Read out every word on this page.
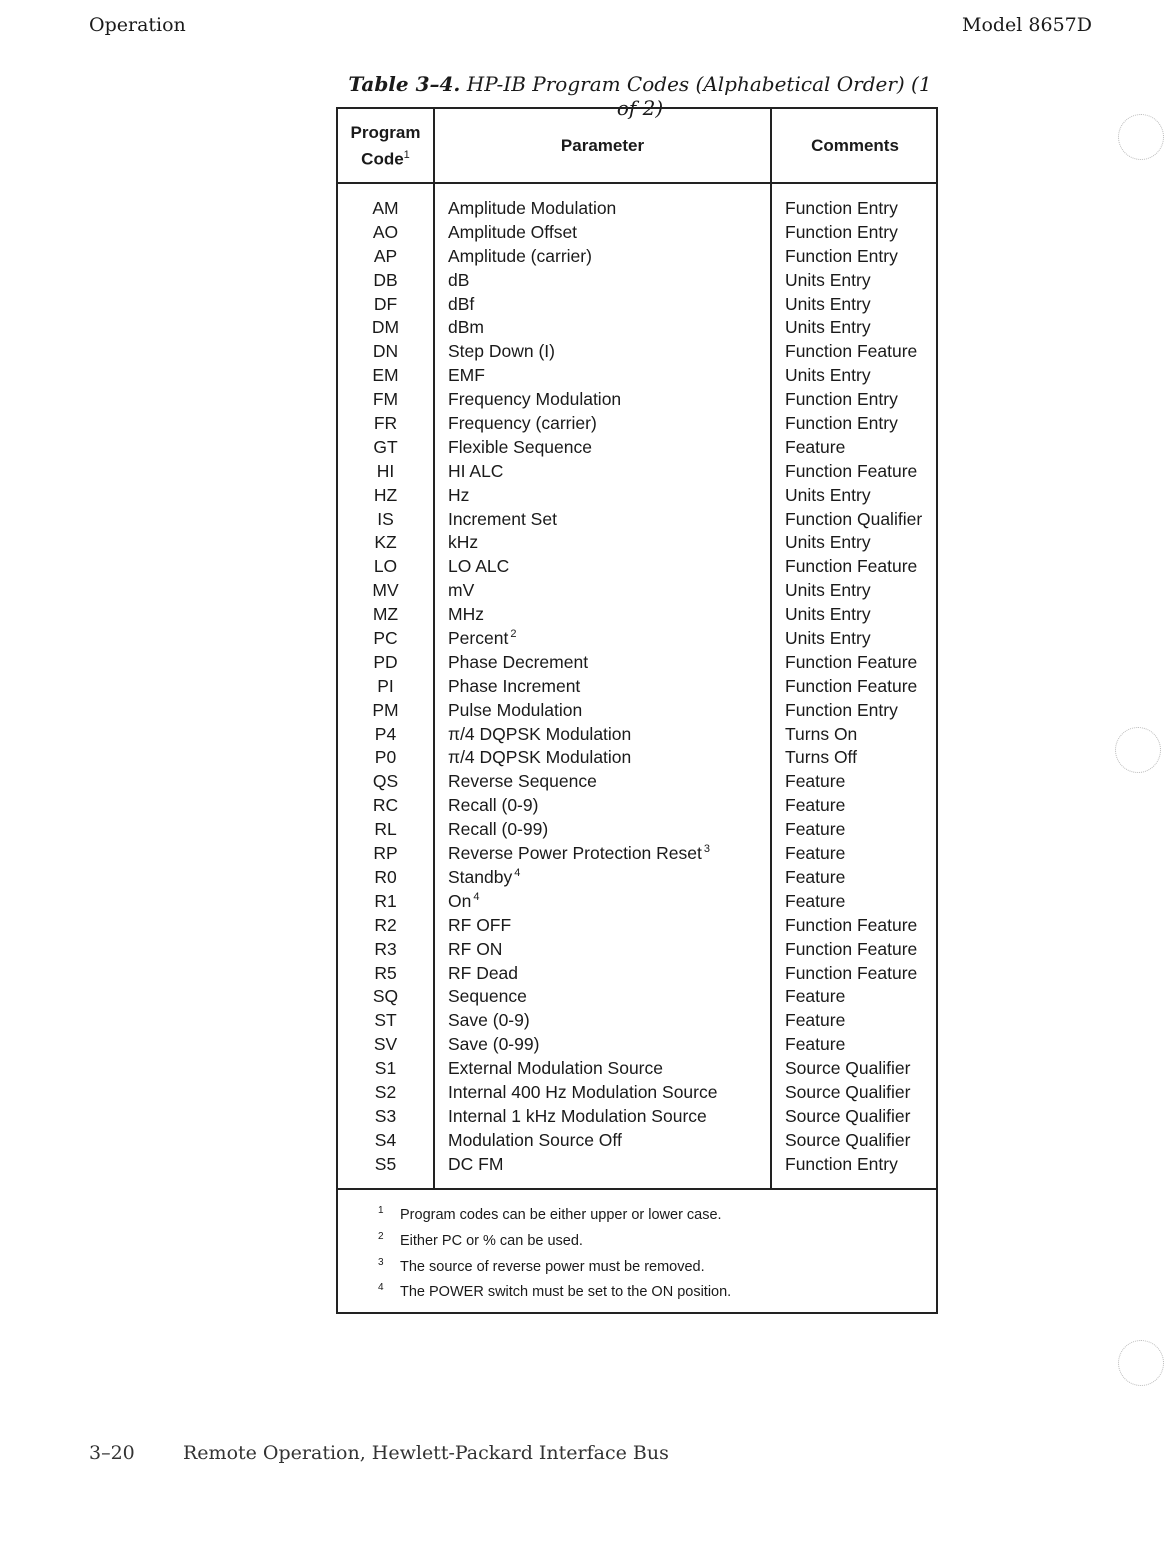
Operation	Model 8657D
Table 3–4. HP-IB Program Codes (Alphabetical Order) (1 of 2)
Program
Code$^1$	Parameter	Comments
AM	Amplitude Modulation	Function Entry
AO	Amplitude Offset	Function Entry
AP	Amplitude (carrier)	Function Entry
DB	dB	Units Entry
DF	dBf	Units Entry
DM	dBm	Units Entry
DN	Step Down (I)	Function Feature
EM	EMF	Units Entry
FM	Frequency Modulation	Function Entry
FR	Frequency (carrier)	Function Entry
GT	Flexible Sequence	Feature
HI	HI ALC	Function Feature
HZ	Hz	Units Entry
IS	Increment Set	Function Qualifier
KZ	kHz	Units Entry
LO	LO ALC	Function Feature
MV	mV	Units Entry
MZ	MHz	Units Entry
PC	Percent $^2$	Units Entry
PD	Phase Decrement	Function Feature
PI	Phase Increment	Function Feature
PM	Pulse Modulation	Function Entry
P4	π/4 DQPSK Modulation	Turns On
P0	π/4 DQPSK Modulation	Turns Off
QS	Reverse Sequence	Feature
RC	Recall (0-9)	Feature
RL	Recall (0-99)	Feature
RP	Reverse Power Protection Reset $^3$	Feature
R0	Standby $^4$	Feature
R1	On $^4$	Feature
R2	RF OFF	Function Feature
R3	RF ON	Function Feature
R5	RF Dead	Function Feature
SQ	Sequence	Feature
ST	Save (0-9)	Feature
SV	Save (0-99)	Feature
S1	External Modulation Source	Source Qualifier
S2	Internal 400 Hz Modulation Source	Source Qualifier
S3	Internal 1 kHz Modulation Source	Source Qualifier
S4	Modulation Source Off	Source Qualifier
S5	DC FM	Function Entry
1 Program codes can be either upper or lower case.
2 Either PC or % can be used.
3 The source of reverse power must be removed.
4 The POWER switch must be set to the ON position.
3–20	Remote Operation, Hewlett-Packard Interface Bus
